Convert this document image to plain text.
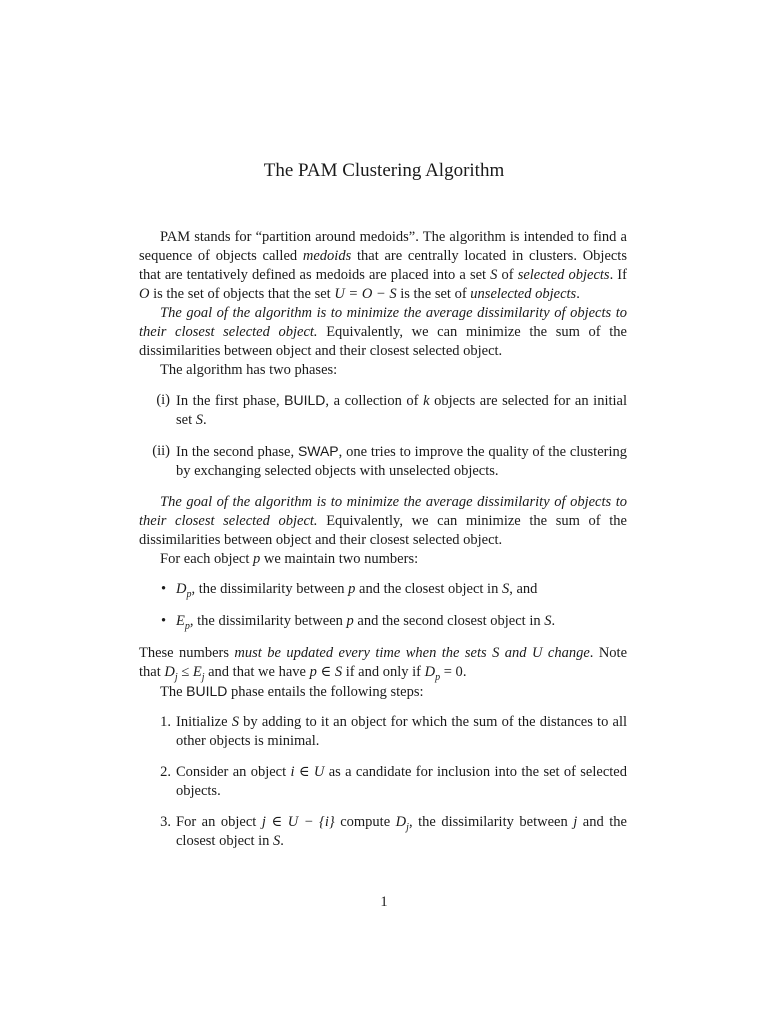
The PAM Clustering Algorithm

PAM stands for “partition around medoids”. The algorithm is intended to find a sequence of objects called medoids that are centrally located in clusters. Objects that are tentatively defined as medoids are placed into a set S of selected objects. If O is the set of objects that the set U = O − S is the set of unselected objects.

The goal of the algorithm is to minimize the average dissimilarity of objects to their closest selected object. Equivalently, we can minimize the sum of the dissimilarities between object and their closest selected object.

The algorithm has two phases:

(i) In the first phase, BUILD, a collection of k objects are selected for an initial set S.
(ii) In the second phase, SWAP, one tries to improve the quality of the clustering by exchanging selected objects with unselected objects.

The goal of the algorithm is to minimize the average dissimilarity of objects to their closest selected object. Equivalently, we can minimize the sum of the dissimilarities between object and their closest selected object.

For each object p we maintain two numbers:

• $D_p$, the dissimilarity between p and the closest object in S, and
• $E_p$, the dissimilarity between p and the second closest object in S.

These numbers must be updated every time when the sets S and U change. Note that $D_j \le E_j$ and that we have p ∈ S if and only if $D_p = 0$.

The BUILD phase entails the following steps:

1. Initialize S by adding to it an object for which the sum of the distances to all other objects is minimal.
2. Consider an object i ∈ U as a candidate for inclusion into the set of selected objects.
3. For an object j ∈ U − {i} compute $D_j$, the dissimilarity between j and the closest object in S.
1
